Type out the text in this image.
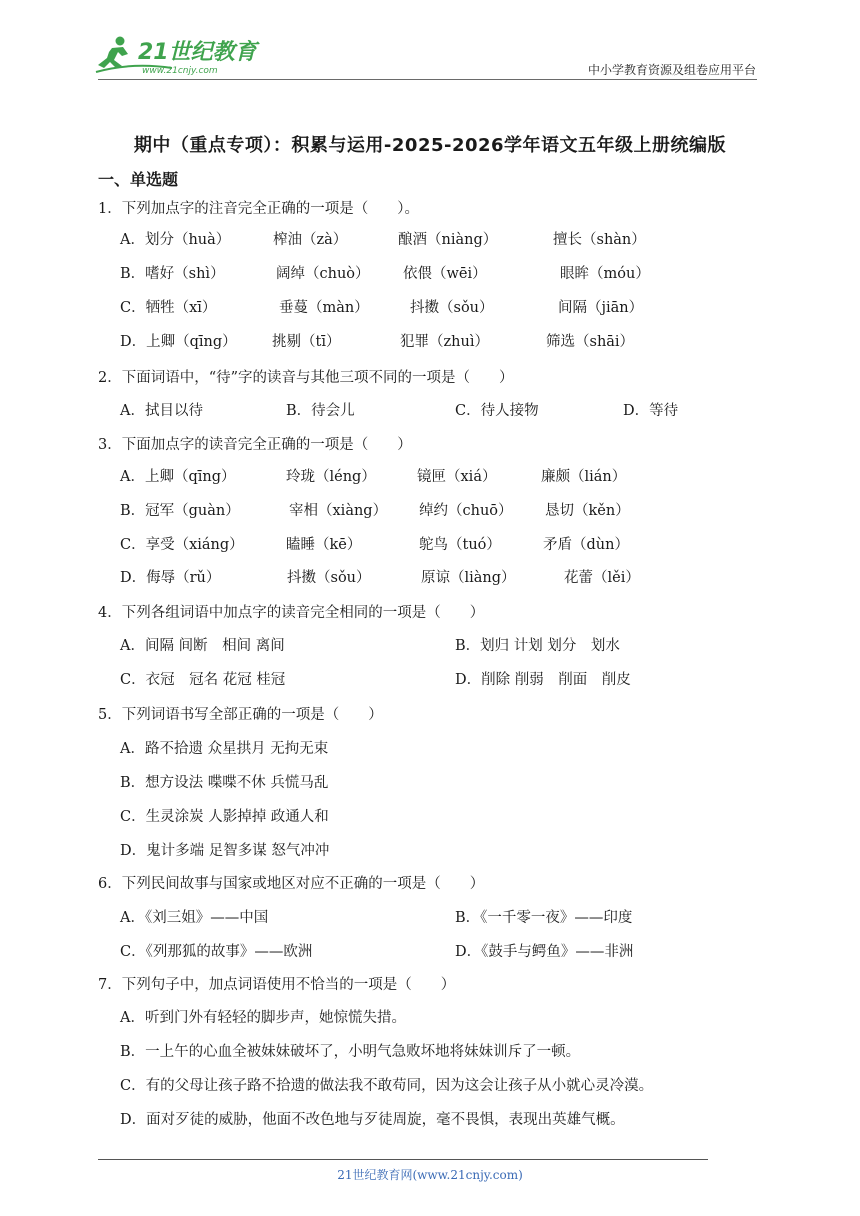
21世纪教育
www.21cnjy.com	中小学教育资源及组卷应用平台
期中（重点专项）：积累与运用-2025-2026学年语文五年级上册统编版
一、单选题
1．下列加点字的注音完全正确的一项是（　　）。
A．划分（huà）	榨油（zà）	酿酒（niàng）	擅长（shàn）
B．嗜好（shì）	阔绰（chuò） 依偎（wēi）	眼眸（móu）
C．牺牲（xī）	垂蔓（màn）	抖擞（sǒu）	间隔（jiān）
D．上卿（qīng） 挑剔（tī）	犯罪（zhuì）	筛选（shāi）
2．下面词语中，“待”字的读音与其他三项不同的一项是（　　）
A．拭目以待	B．待会儿	C．待人接物	D．等待
3．下面加点字的读音完全正确的一项是（　　）
A．上卿（qīng）	玲珑（léng）	镜匣（xiá）	廉颇（lián）
B．冠军（guàn）	宰相（xiàng） 绰约（chuō） 恳切（kěn）
C．享受（xiáng）	瞌睡（kē）	鸵鸟（tuó）	矛盾（dùn）
D．侮辱（rǔ）	抖擞（sǒu）	原谅（liàng）	花蕾（lěi）
4．下列各组词语中加点字的读音完全相同的一项是（　　）
A．间隔 间断　相间 离间	B．划归 计划 划分　划水
C．衣冠　冠名 花冠 桂冠	D．削除 削弱　削面　削皮
5．下列词语书写全部正确的一项是（　　）
A．路不拾遗 众星拱月 无拘无束
B．想方设法 喋喋不休 兵慌马乱
C．生灵涂炭 人影掉掉 政通人和
D．鬼计多端 足智多谋 怒气冲冲
6．下列民间故事与国家或地区对应不正确的一项是（　　）
A．《刘三姐》——中国	B．《一千零一夜》——印度
C．《列那狐的故事》——欧洲	D．《鼓手与鳄鱼》——非洲
7．下列句子中，加点词语使用不恰当的一项是（　　）
A．听到门外有轻轻的脚步声，她惊慌失措。
B．一上午的心血全被妹妹破坏了，小明气急败坏地将妹妹训斥了一顿。
C．有的父母让孩子路不拾遗的做法我不敢苟同，因为这会让孩子从小就心灵冷漠。
D．面对歹徒的威胁，他面不改色地与歹徒周旋，毫不畏惧，表现出英雄气概。
21世纪教育网(www.21cnjy.com)
